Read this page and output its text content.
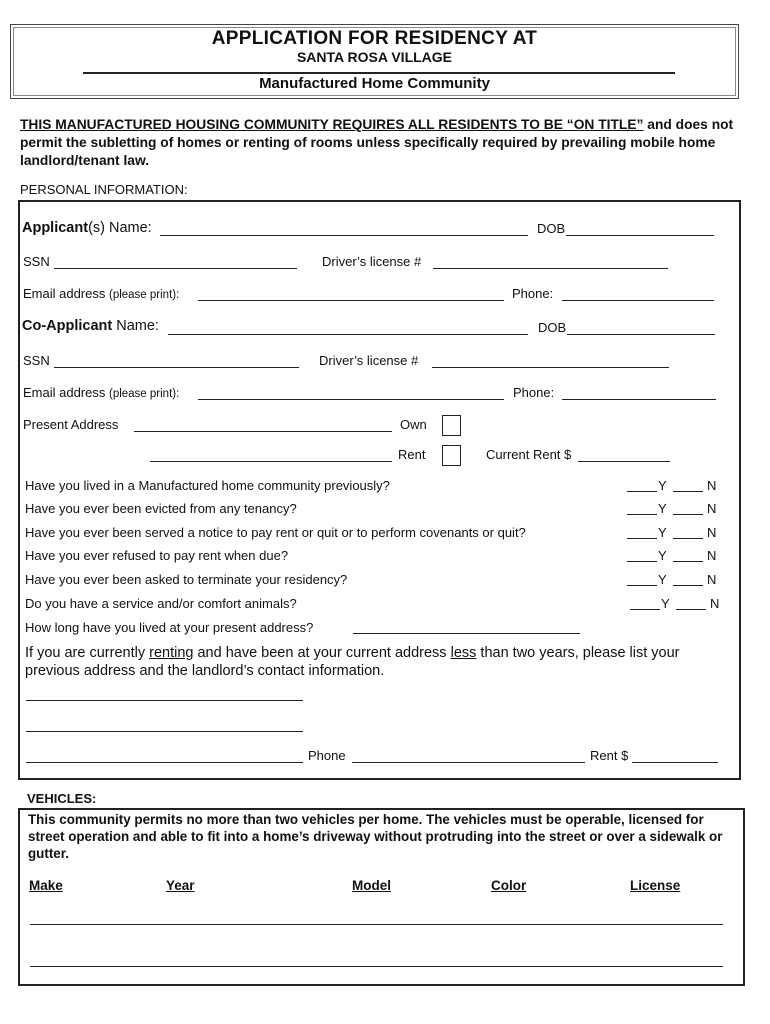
APPLICATION FOR RESIDENCY AT
SANTA ROSA VILLAGE
Manufactured Home Community
THIS MANUFACTURED HOUSING COMMUNITY REQUIRES ALL RESIDENTS TO BE “ON TITLE” and does not permit the subletting of homes or renting of rooms unless specifically required by prevailing mobile home landlord/tenant law.
PERSONAL INFORMATION:
Applicant(s) Name:	DOB
SSN	Driver’s license #
Email address (please print):	Phone:
Co-Applicant Name:	DOB
SSN	Driver’s license #
Email address (please print):	Phone:
Present Address	Own
Rent	Current Rent $
Have you lived in a Manufactured home community previously?	Y	N
Have you ever been evicted from any tenancy?	Y	N
Have you ever been served a notice to pay rent or quit or to perform covenants or quit?	Y	N
Have you ever refused to pay rent when due?	Y	N
Have you ever been asked to terminate your residency?	Y	N
Do you have a service and/or comfort animals?	Y	N
How long have you lived at your present address?
If you are currently renting and have been at your current address less than two years, please list your previous address and the landlord’s contact information.
Phone	Rent $
VEHICLES:
This community permits no more than two vehicles per home. The vehicles must be operable, licensed for street operation and able to fit into a home’s driveway without protruding into the street or over a sidewalk or gutter.
Make	Year	Model	Color	License
